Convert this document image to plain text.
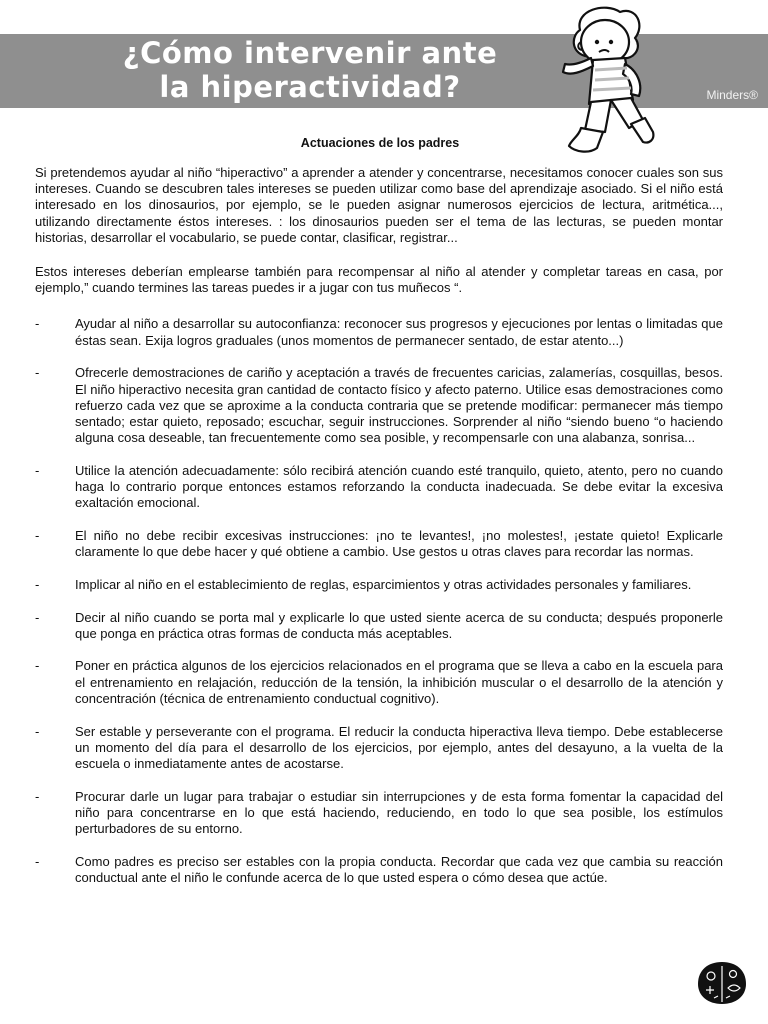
¿Cómo intervenir ante
la hiperactividad?	Minders®
Actuaciones de los padres

Si pretendemos ayudar al niño “hiperactivo” a aprender a atender y concentrarse, necesitamos conocer cuales son sus intereses. Cuando se descubren tales intereses se pueden utilizar como base del aprendizaje asociado. Si el niño está interesado en los dinosaurios, por ejemplo, se le pueden asignar numerosos ejercicios de lectura, aritmética..., utilizando directamente éstos intereses. : los dinosaurios pueden ser el tema de las lecturas, se pueden montar historias, desarrollar el vocabulario, se puede contar, clasificar, registrar...

Estos intereses deberían emplearse también para recompensar al niño al atender y completar tareas en casa, por ejemplo,” cuando termines las tareas puedes ir a jugar con tus muñecos “.

-	Ayudar al niño a desarrollar su autoconfianza: reconocer sus progresos y ejecuciones por lentas o limitadas que éstas sean. Exija logros graduales (unos momentos de permanecer sentado, de estar atento...)
-	Ofrecerle demostraciones de cariño y aceptación a través de frecuentes caricias, zalamerías, cosquillas, besos. El niño hiperactivo necesita gran cantidad de contacto físico y afecto paterno. Utilice esas demostraciones como refuerzo cada vez que se aproxime a la conducta contraria que se pretende modificar: permanecer más tiempo sentado; estar quieto, reposado; escuchar, seguir instrucciones. Sorprender al niño “siendo bueno “o haciendo alguna cosa deseable, tan frecuentemente como sea posible, y recompensarle con una alabanza, sonrisa...
-	Utilice la atención adecuadamente: sólo recibirá atención cuando esté tranquilo, quieto, atento, pero no cuando haga lo contrario porque entonces estamos reforzando la conducta inadecuada. Se debe evitar la excesiva exaltación emocional.
-	El niño no debe recibir excesivas instrucciones: ¡no te levantes!, ¡no molestes!, ¡estate quieto! Explicarle claramente lo que debe hacer y qué obtiene a cambio. Use gestos u otras claves para recordar las normas.
-	Implicar al niño en el establecimiento de reglas, esparcimientos y otras actividades personales y familiares.
-	Decir al niño cuando se porta mal y explicarle lo que usted siente acerca de su conducta; después proponerle que ponga en práctica otras formas de conducta más aceptables.
-	Poner en práctica algunos de los ejercicios relacionados en el programa que se lleva a cabo en la escuela para el entrenamiento en relajación, reducción de la tensión, la inhibición muscular o el desarrollo de la atención y concentración (técnica de entrenamiento conductual cognitivo).
-	Ser estable y perseverante con el programa. El reducir la conducta hiperactiva lleva tiempo. Debe establecerse un momento del día para el desarrollo de los ejercicios, por ejemplo, antes del desayuno, a la vuelta de la escuela o inmediatamente antes de acostarse.
-	Procurar darle un lugar para trabajar o estudiar sin interrupciones y de esta forma fomentar la capacidad del niño para concentrarse en lo que está haciendo, reduciendo, en todo lo que sea posible, los estímulos perturbadores de su entorno.
-	Como padres es preciso ser estables con la propia conducta. Recordar que cada vez que cambia su reacción conductual ante el niño le confunde acerca de lo que usted espera o cómo desea que actúe.
